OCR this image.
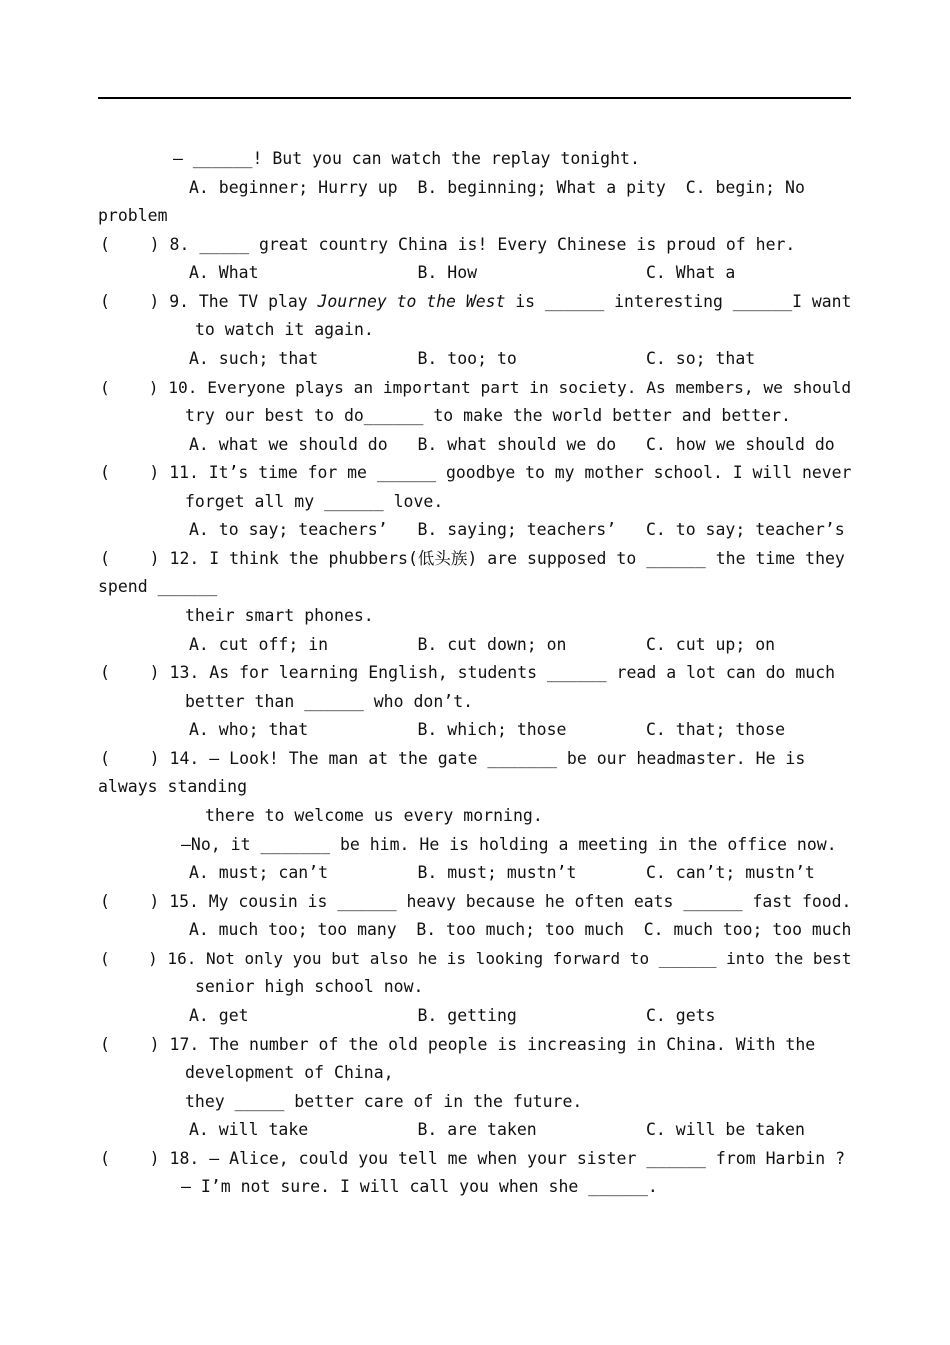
— ______! But you can watch the replay tonight.
A. beginner; Hurry up  B. beginning; What a pity  C. begin; No
problem
(    ) 8. _____ great country China is! Every Chinese is proud of her.
A. What                B. How                 C. What a
(    ) 9. The TV play Journey to the West is ______ interesting ______I want
to watch it again.
A. such; that          B. too; to             C. so; that
(    ) 10. Everyone plays an important part in society. As members, we should
try our best to do______ to make the world better and better.
A. what we should do   B. what should we do   C. how we should do
(    ) 11. It’s time for me ______ goodbye to my mother school. I will never
forget all my ______ love.
A. to say; teachers’   B. saying; teachers’   C. to say; teacher’s
(    ) 12. I think the phubbers(低头族) are supposed to ______ the time they
spend ______
their smart phones.
A. cut off; in         B. cut down; on        C. cut up; on
(    ) 13. As for learning English, students ______ read a lot can do much
better than ______ who don’t.
A. who; that           B. which; those        C. that; those
(    ) 14. — Look! The man at the gate _______ be our headmaster. He is
always standing
there to welcome us every morning.
—No, it _______ be him. He is holding a meeting in the office now.
A. must; can’t         B. must; mustn’t       C. can’t; mustn’t
(    ) 15. My cousin is ______ heavy because he often eats ______ fast food.
A. much too; too many  B. too much; too much  C. much too; too much
(    ) 16. Not only you but also he is looking forward to ______ into the best
senior high school now.
A. get                 B. getting             C. gets
(    ) 17. The number of the old people is increasing in China. With the
development of China,
they _____ better care of in the future.
A. will take           B. are taken           C. will be taken
(    ) 18. — Alice, could you tell me when your sister ______ from Harbin ?
— I’m not sure. I will call you when she ______.
